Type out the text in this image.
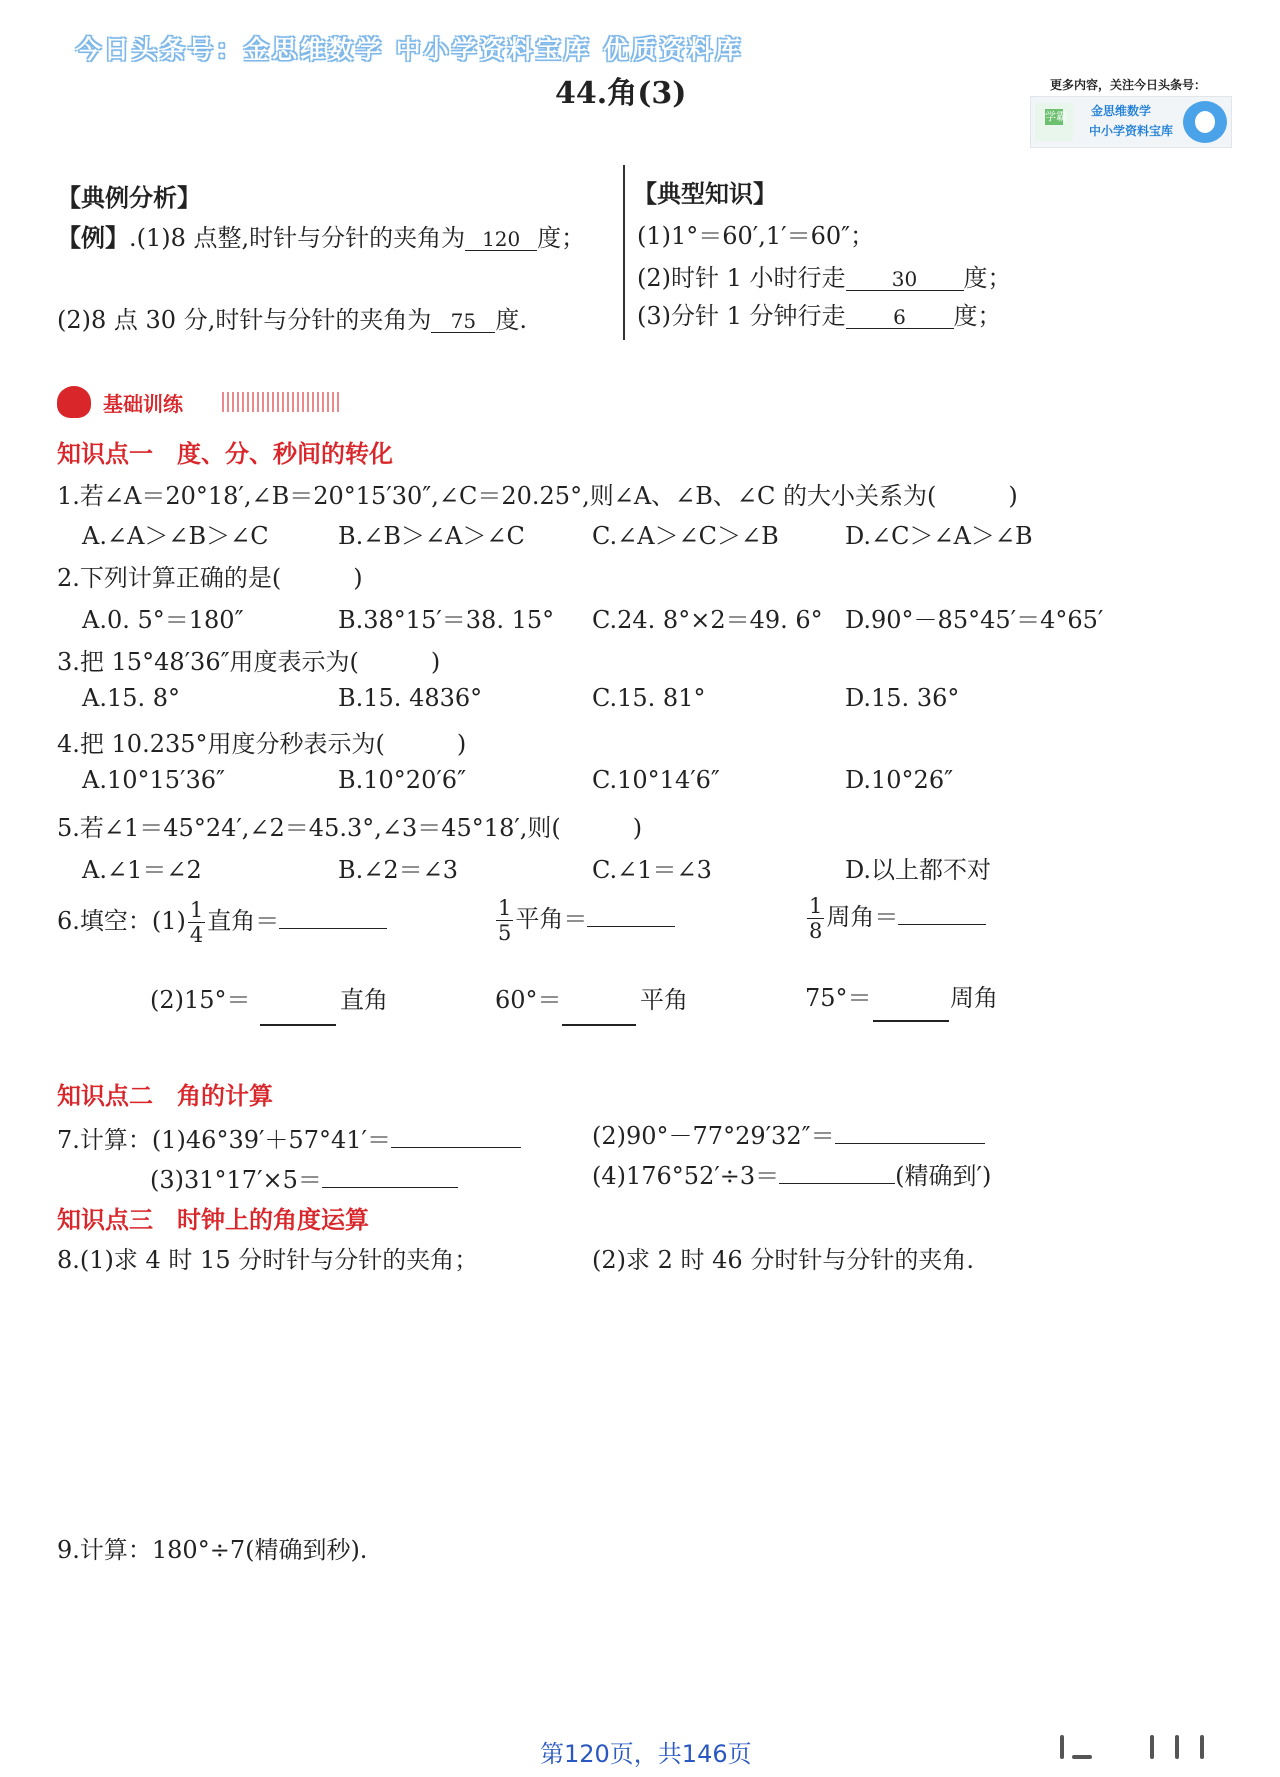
今日头条号：金思维数学 中小学资料宝库 优质资料库
44.角(3)	更多内容，关注今日头条号：
学霸 金思维数学
中小学资料宝库
【典例分析】
【例】.(1)8 点整,时针与分针的夹角为 120 度；
(2)8 点 30 分,时针与分针的夹角为 75 度.
【典型知识】
(1)1°＝60′,1′＝60″；
(2)时针 1 小时行走 30 度；
(3)分针 1 分钟行走 6 度；
基础训练
知识点一　度、分、秒间的转化
1.若∠A＝20°18′,∠B＝20°15′30″,∠C＝20.25°,则∠A、∠B、∠C 的大小关系为(　　　)
A.∠A＞∠B＞∠C	B.∠B＞∠A＞∠C	C.∠A＞∠C＞∠B	D.∠C＞∠A＞∠B
2.下列计算正确的是(　　　)
A.0. 5°＝180″	B.38°15′＝38. 15° C.24. 8°×2＝49. 6° D.90°－85°45′＝4°65′
3.把 15°48′36″用度表示为(　　　)
A.15. 8°	B.15. 4836°	C.15. 81°	D.15. 36°
4.把 10.235°用度分秒表示为(　　　)
A.10°15′36″	B.10°20′6″	C.10°14′6″	D.10°26″
5.若∠1＝45°24′,∠2＝45.3°,∠3＝45°18′,则(　　　)
A.∠1＝∠2	B.∠2＝∠3	C.∠1＝∠3	D.以上都不对
6.填空：$(1) \frac{1}{4}$ 直角＝	$\frac{1}{5}$ 平角＝	$\frac{1}{8}$ 周角＝
(2)15°＝	直角	60°＝	平角	75°＝	周角
知识点二　角的计算
7.计算：(1)46°39′＋57°41′＝	(2)90°－77°29′32″＝
(3)31°17′×5＝	(4)176°52′÷3＝	(精确到′)
知识点三　时钟上的角度运算
8.(1)求 4 时 15 分时针与分针的夹角；	(2)求 2 时 46 分时针与分针的夹角.
9.计算：180°÷7(精确到秒).
第120页，共146页
